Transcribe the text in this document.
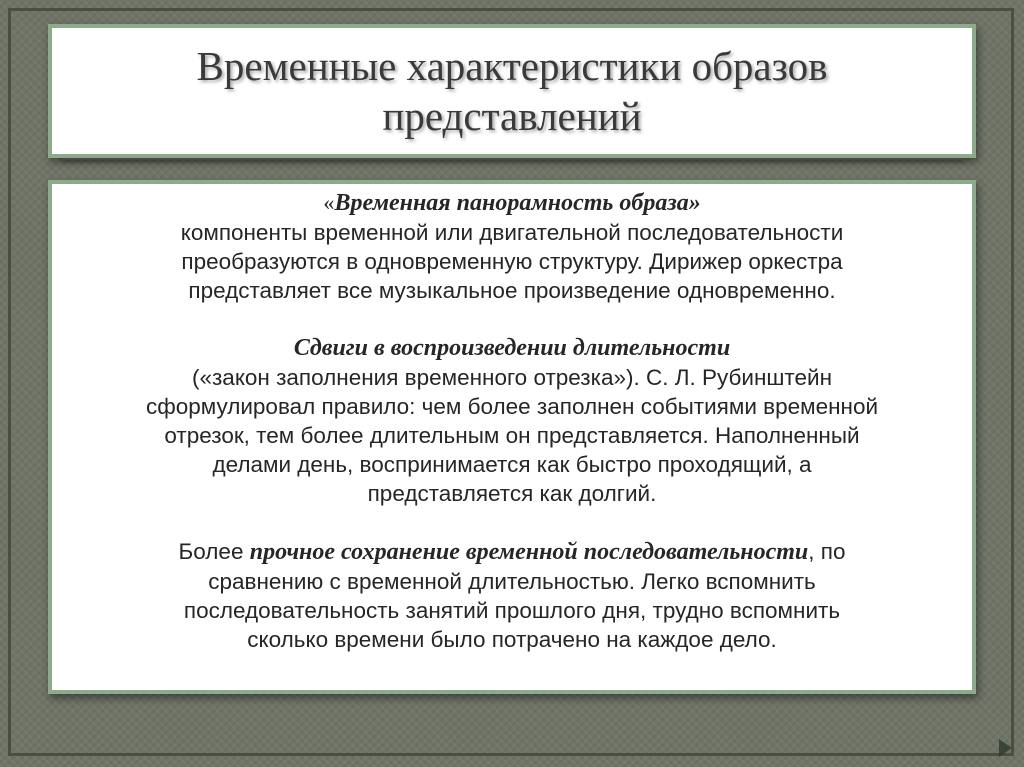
Временные характеристики образов представлений

«Временная панорамность образа»
компоненты временной или двигательной последовательности
преобразуются в одновременную структуру. Дирижер оркестра
представляет все музыкальное произведение одновременно.

Сдвиги в воспроизведении длительности
(«закон заполнения временного отрезка»). С. Л. Рубинштейн
сформулировал правило: чем более заполнен событиями временной
отрезок, тем более длительным он представляется. Наполненный
делами день, воспринимается как быстро проходящий, а
представляется как долгий.

Более прочное сохранение временной последовательности, по
сравнению с временной длительностью. Легко вспомнить
последовательность занятий прошлого дня, трудно вспомнить
сколько времени было потрачено на каждое дело.
